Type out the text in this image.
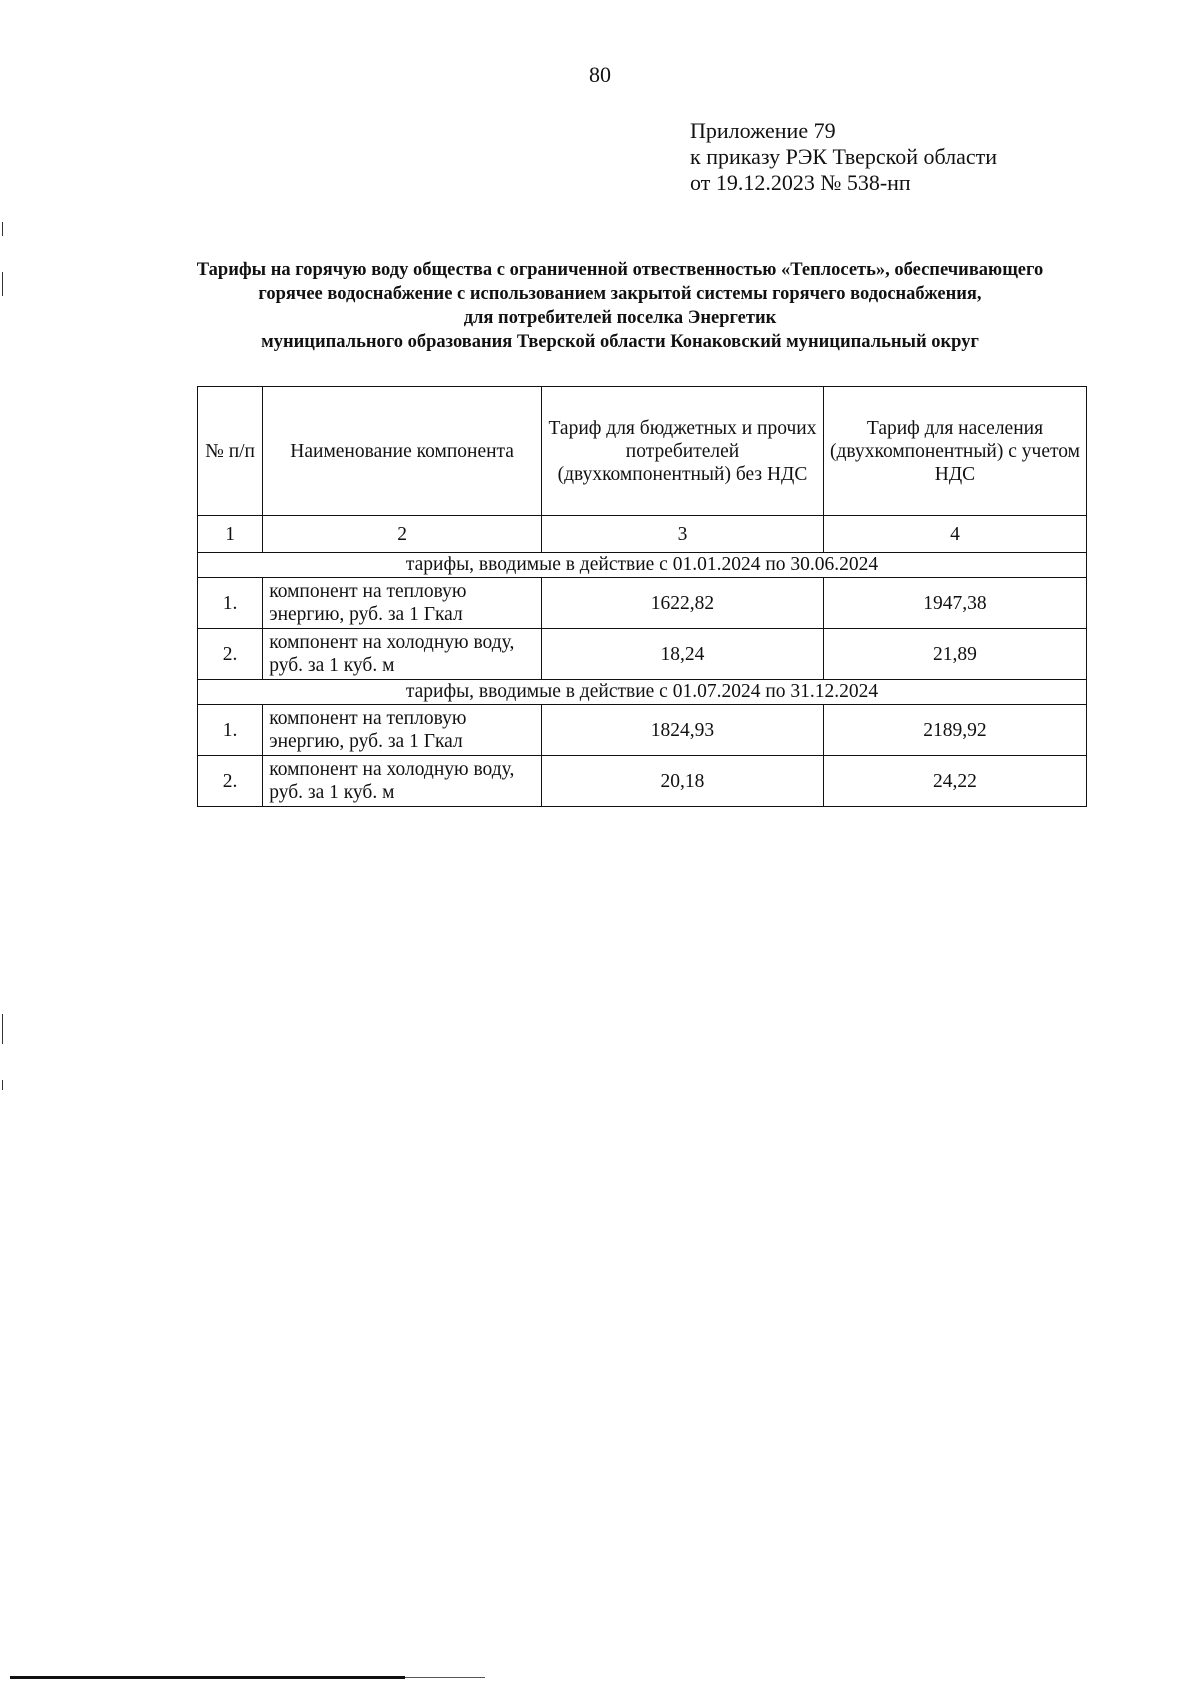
80
Приложение 79
к приказу РЭК Тверской области
от 19.12.2023 № 538-нп
Тарифы на горячую воду общества с ограниченной отвественностью «Теплосеть», обеспечивающего
горячее водоснабжение с использованием закрытой системы горячего водоснабжения,
для потребителей поселка Энергетик
муниципального образования Тверской области Конаковский муниципальный округ
№ п/п	Наименование компонента	Тариф для бюджетных и прочих потребителей (двухкомпонентный) без НДС	Тариф для населения (двухкомпонентный) с учетом НДС
1	2	3	4
тарифы, вводимые в действие с 01.01.2024 по 30.06.2024			
1.	компонент на тепловую энергию, руб. за 1 Гкал	1622,82	1947,38
2.	компонент на холодную воду, руб. за 1 куб. м	18,24	21,89
тарифы, вводимые в действие с 01.07.2024 по 31.12.2024			
1.	компонент на тепловую энергию, руб. за 1 Гкал	1824,93	2189,92
2.	компонент на холодную воду, руб. за 1 куб. м	20,18	24,22
